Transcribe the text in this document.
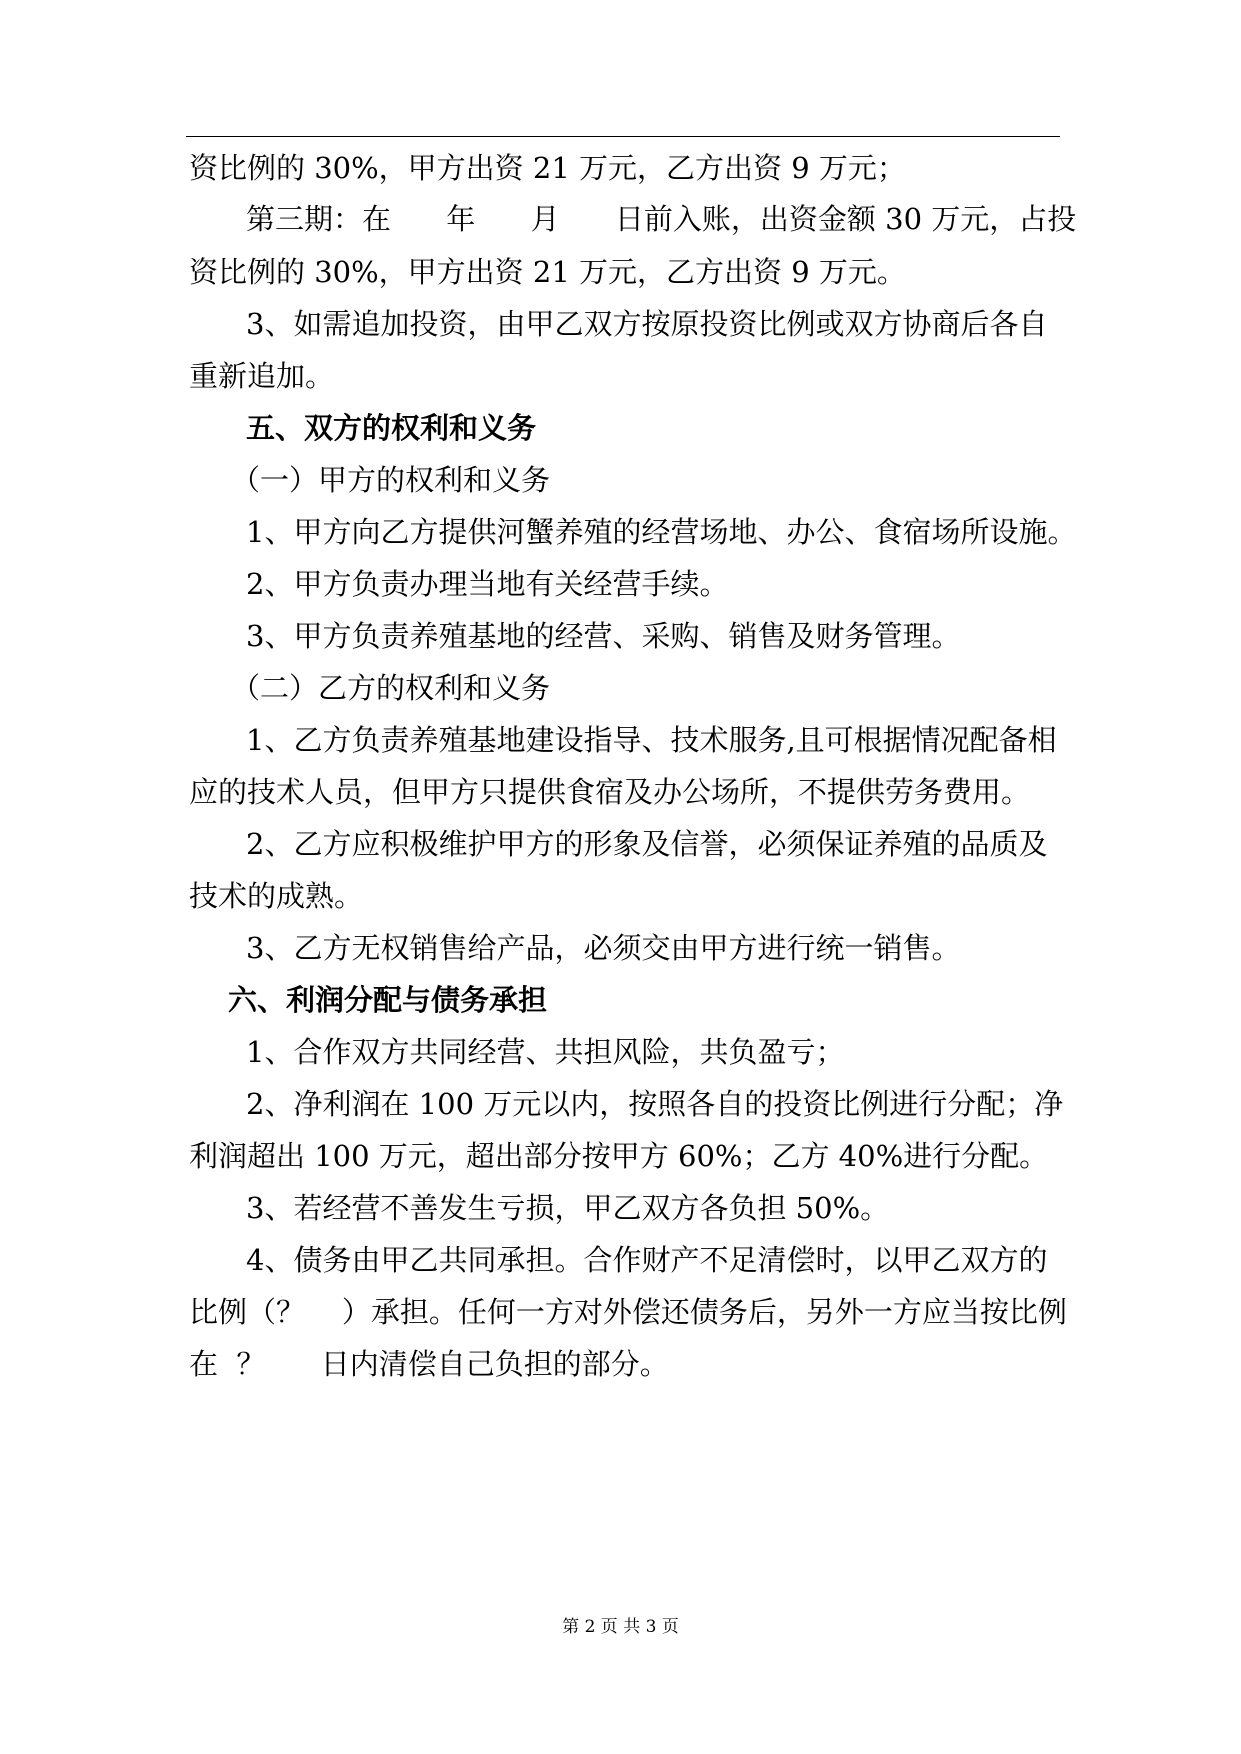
资比例的 30%，甲方出资 21 万元，乙方出资 9 万元；
第三期：在      年      月      日前入账，出资金额 30 万元，占投
资比例的 30%，甲方出资 21 万元，乙方出资 9 万元。
3、如需追加投资，由甲乙双方按原投资比例或双方协商后各自
重新追加。
五、双方的权利和义务
（一）甲方的权利和义务
1、甲方向乙方提供河蟹养殖的经营场地、办公、食宿场所设施。
2、甲方负责办理当地有关经营手续。
3、甲方负责养殖基地的经营、采购、销售及财务管理。
（二）乙方的权利和义务
1、乙方负责养殖基地建设指导、技术服务,且可根据情况配备相
应的技术人员，但甲方只提供食宿及办公场所，不提供劳务费用。
2、乙方应积极维护甲方的形象及信誉，必须保证养殖的品质及
技术的成熟。
3、乙方无权销售给产品，必须交由甲方进行统一销售。
六、利润分配与债务承担
1、合作双方共同经营、共担风险，共负盈亏；
2、净利润在 100 万元以内，按照各自的投资比例进行分配；净
利润超出 100 万元，超出部分按甲方 60%；乙方 40%进行分配。
3、若经营不善发生亏损，甲乙双方各负担 50%。
4、债务由甲乙共同承担。合作财产不足清偿时，以甲乙双方的
比例（？    ）承担。任何一方对外偿还债务后，另外一方应当按比例
在  ？      日内清偿自己负担的部分。
第 2 页 共 3 页
